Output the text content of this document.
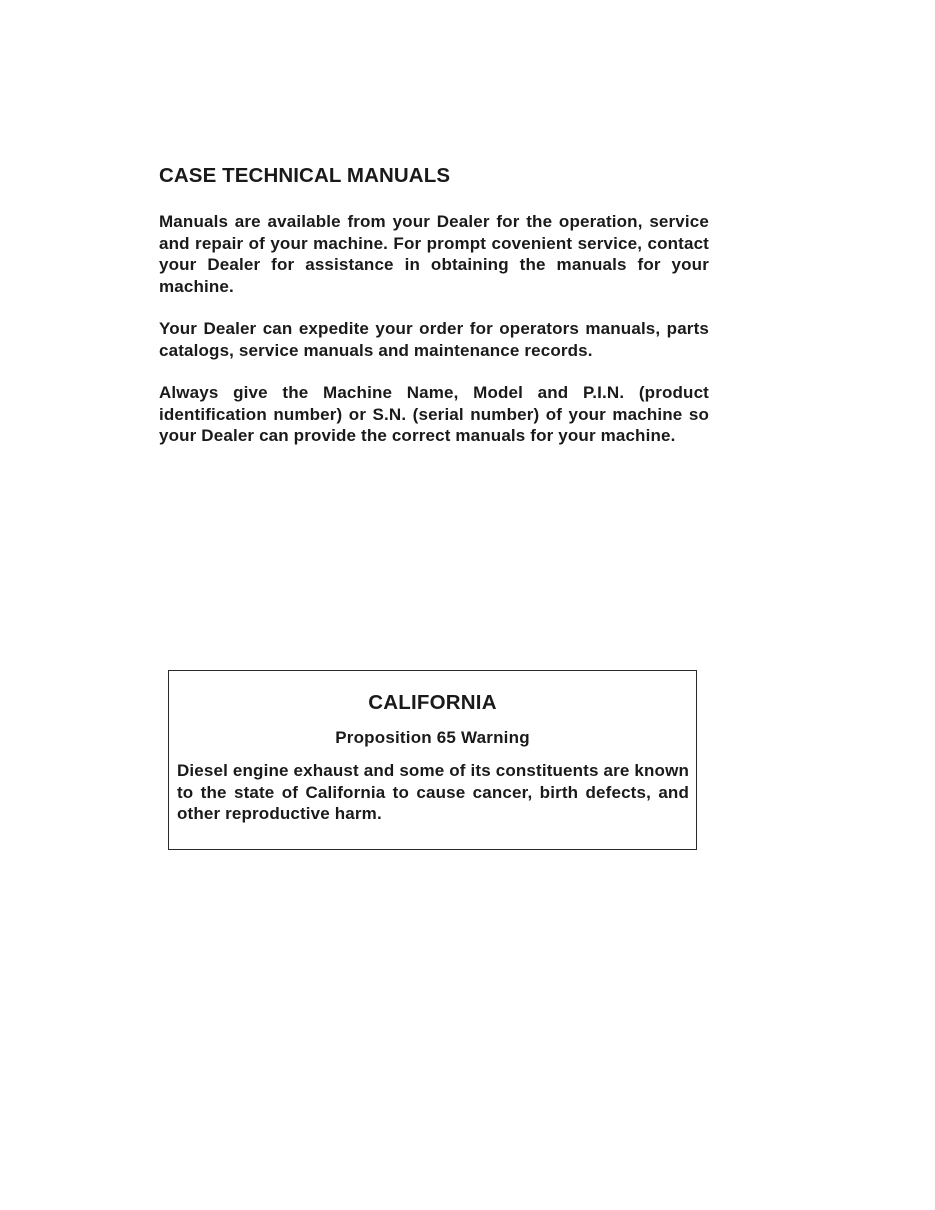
CASE TECHNICAL MANUALS

Manuals are available from your Dealer for the operation, service and repair of your machine. For prompt covenient service, contact your Dealer for assistance in obtaining the manuals for your machine.

Your Dealer can expedite your order for operators manuals, parts catalogs, service manuals and maintenance records.

Always give the Machine Name, Model and P.I.N. (product identification number) or S.N. (serial number) of your machine so your Dealer can provide the correct manuals for your machine.

CALIFORNIA

Proposition 65 Warning

Diesel engine exhaust and some of its constituents are known to the state of California to cause cancer, birth defects, and other reproductive harm.
